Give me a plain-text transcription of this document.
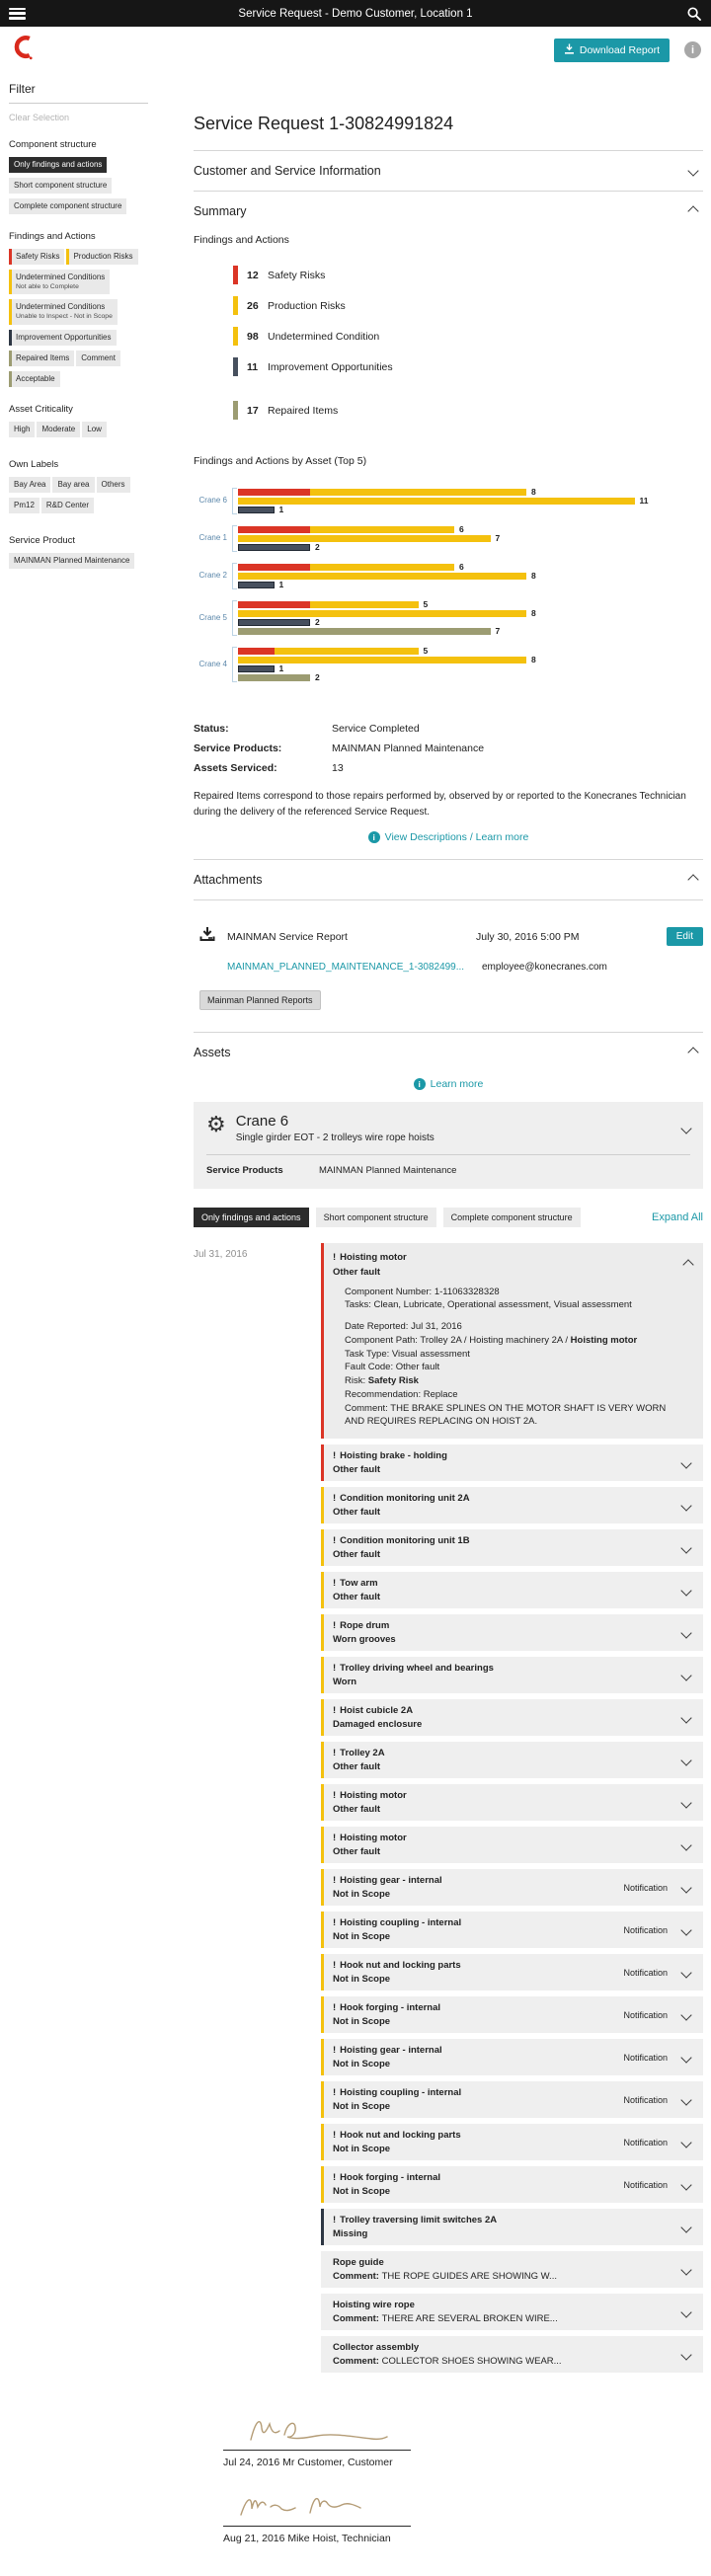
Service Request - Demo Customer, Location 1
Download Report	i
Filter
Clear Selection
Component structure
Only findings and actions
Short component structure
Complete component structure
Findings and Actions
Safety Risks Production Risks
Undetermined Conditions
Not able to Complete
Undetermined Conditions
Unable to Inspect - Not in Scope
Improvement Opportunities
Repaired Items Comment
Acceptable
Asset Criticality
High Moderate Low
Own Labels
Bay Area Bay area OthersPm12 R&D Center
Service Product
MAINMAN Planned Maintenance
Service Request 1-30824991824
Customer and Service Information
Summary
Findings and Actions
12 Safety Risks
26 Production Risks
98 Undetermined Condition
11 Improvement Opportunities
17 Repaired Items
Findings and Actions by Asset (Top 5)
Crane 6
8
11
1
Crane 1
6
7
2
Crane 2
6
8
1
Crane 5
5
8
2
7
Crane 4
5
8
1
2
Status:	Service Completed
Service Products:	MAINMAN Planned Maintenance
Assets Serviced:	13
Repaired Items correspond to those repairs performed by, observed by or reported to the Konecranes Technician during the delivery of the referenced Service Request.
i View Descriptions / Learn more
Attachments
MAINMAN Service Report	July 30, 2016 5:00 PM	Edit
MAINMAN_PLANNED_MAINTENANCE_1-3082499...	employee@konecranes.com
Mainman Planned Reports
Assets
i Learn more
⚙ Crane 6
Single girder EOT - 2 trolleys wire rope hoists
Service Products	MAINMAN Planned Maintenance
Only findings and actions	Short component structure	Complete component structure	Expand All
Jul 31, 2016	! Hoisting motor
Other fault
Component Number: 1-11063328328
Tasks: Clean, Lubricate, Operational assessment, Visual assessment
Date Reported: Jul 31, 2016
Component Path: Trolley 2A / Hoisting machinery 2A / Hoisting motor
Task Type: Visual assessment
Fault Code: Other fault
Risk: Safety Risk
Recommendation: Replace
Comment: THE BRAKE SPLINES ON THE MOTOR SHAFT IS VERY WORN AND REQUIRES REPLACING ON HOIST 2A.
! Hoisting brake - holding
Other fault
! Condition monitoring unit 2A
Other fault
! Condition monitoring unit 1B
Other fault
! Tow arm
Other fault
! Rope drum
Worn grooves
! Trolley driving wheel and bearings
Worn
! Hoist cubicle 2A
Damaged enclosure
! Trolley 2A
Other fault
! Hoisting motor
Other fault
! Hoisting motor
Other fault
! Hoisting gear - internal
Not in Scope
Notification
! Hoisting coupling - internal
Not in Scope
Notification
! Hook nut and locking parts
Not in Scope
Notification
! Hook forging - internal
Not in Scope
Notification
! Hoisting gear - internal
Not in Scope
Notification
! Hoisting coupling - internal
Not in Scope
Notification
! Hook nut and locking parts
Not in Scope
Notification
! Hook forging - internal
Not in Scope
Notification
! Trolley traversing limit switches 2A
Missing
Rope guide
Comment: THE ROPE GUIDES ARE SHOWING W...
Hoisting wire rope
Comment: THERE ARE SEVERAL BROKEN WIRE...
Collector assembly
Comment: COLLECTOR SHOES SHOWING WEAR...
Jul 24, 2016 Mr Customer, Customer
Aug 21, 2016 Mike Hoist, Technician
